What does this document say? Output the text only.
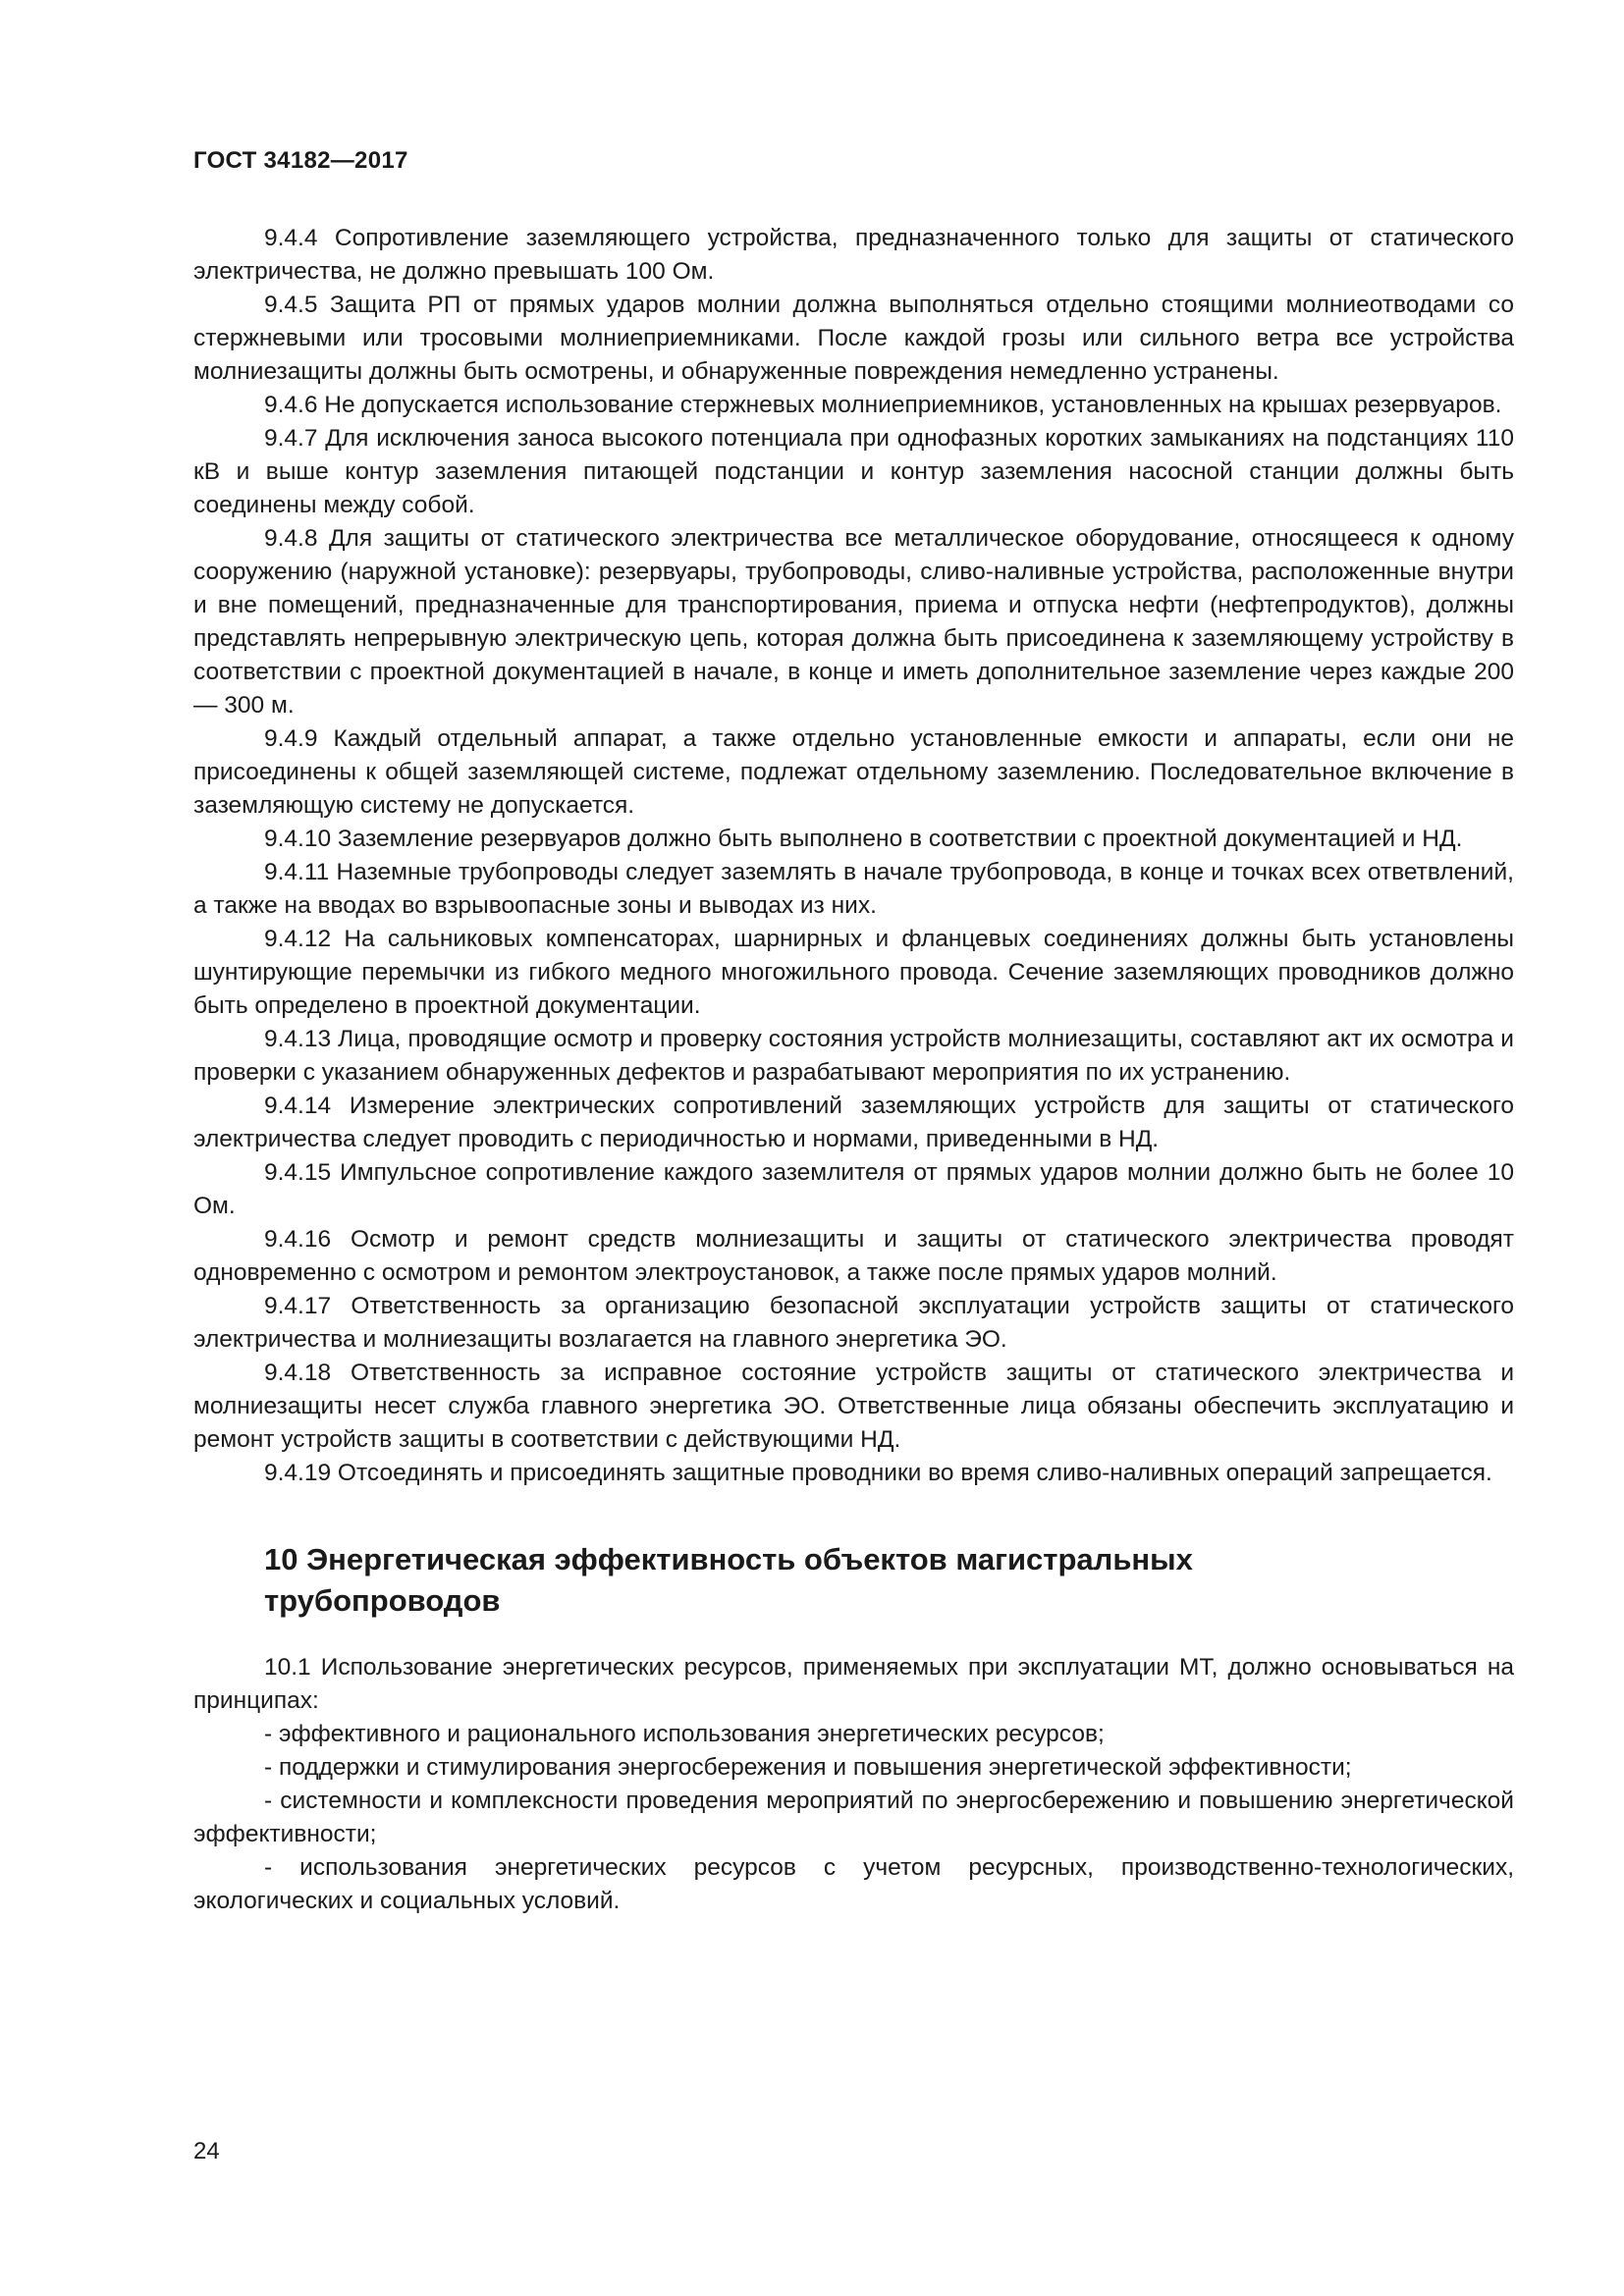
ГОСТ 34182—2017

9.4.4 Сопротивление заземляющего устройства, предназначенного только для защиты от статического электричества, не должно превышать 100 Ом.

9.4.5 Защита РП от прямых ударов молнии должна выполняться отдельно стоящими молниеотводами со стержневыми или тросовыми молниеприемниками. После каждой грозы или сильного ветра все устройства молниезащиты должны быть осмотрены, и обнаруженные повреждения немедленно устранены.

9.4.6 Не допускается использование стержневых молниеприемников, установленных на крышах резервуаров.

9.4.7 Для исключения заноса высокого потенциала при однофазных коротких замыканиях на подстанциях 110 кВ и выше контур заземления питающей подстанции и контур заземления насосной станции должны быть соединены между собой.

9.4.8 Для защиты от статического электричества все металлическое оборудование, относящееся к одному сооружению (наружной установке): резервуары, трубопроводы, сливо-наливные устройства, расположенные внутри и вне помещений, предназначенные для транспортирования, приема и отпуска нефти (нефтепродуктов), должны представлять непрерывную электрическую цепь, которая должна быть присоединена к заземляющему устройству в соответствии с проектной документацией в начале, в конце и иметь дополнительное заземление через каждые 200 — 300 м.

9.4.9 Каждый отдельный аппарат, а также отдельно установленные емкости и аппараты, если они не присоединены к общей заземляющей системе, подлежат отдельному заземлению. Последовательное включение в заземляющую систему не допускается.

9.4.10 Заземление резервуаров должно быть выполнено в соответствии с проектной документацией и НД.

9.4.11 Наземные трубопроводы следует заземлять в начале трубопровода, в конце и точках всех ответвлений, а также на вводах во взрывоопасные зоны и выводах из них.

9.4.12 На сальниковых компенсаторах, шарнирных и фланцевых соединениях должны быть установлены шунтирующие перемычки из гибкого медного многожильного провода. Сечение заземляющих проводников должно быть определено в проектной документации.

9.4.13 Лица, проводящие осмотр и проверку состояния устройств молниезащиты, составляют акт их осмотра и проверки с указанием обнаруженных дефектов и разрабатывают мероприятия по их устранению.

9.4.14 Измерение электрических сопротивлений заземляющих устройств для защиты от статического электричества следует проводить с периодичностью и нормами, приведенными в НД.

9.4.15 Импульсное сопротивление каждого заземлителя от прямых ударов молнии должно быть не более 10 Ом.

9.4.16 Осмотр и ремонт средств молниезащиты и защиты от статического электричества проводят одновременно с осмотром и ремонтом электроустановок, а также после прямых ударов молний.

9.4.17 Ответственность за организацию безопасной эксплуатации устройств защиты от статического электричества и молниезащиты возлагается на главного энергетика ЭО.

9.4.18 Ответственность за исправное состояние устройств защиты от статического электричества и молниезащиты несет служба главного энергетика ЭО. Ответственные лица обязаны обеспечить эксплуатацию и ремонт устройств защиты в соответствии с действующими НД.

9.4.19 Отсоединять и присоединять защитные проводники во время сливо-наливных операций запрещается.

10 Энергетическая эффективность объектов магистральных трубопроводов

10.1 Использование энергетических ресурсов, применяемых при эксплуатации МТ, должно основываться на принципах:

- эффективного и рационального использования энергетических ресурсов;

- поддержки и стимулирования энергосбережения и повышения энергетической эффективности;

- системности и комплексности проведения мероприятий по энергосбережению и повышению энергетической эффективности;

- использования энергетических ресурсов с учетом ресурсных, производственно-технологических, экологических и социальных условий.

24
